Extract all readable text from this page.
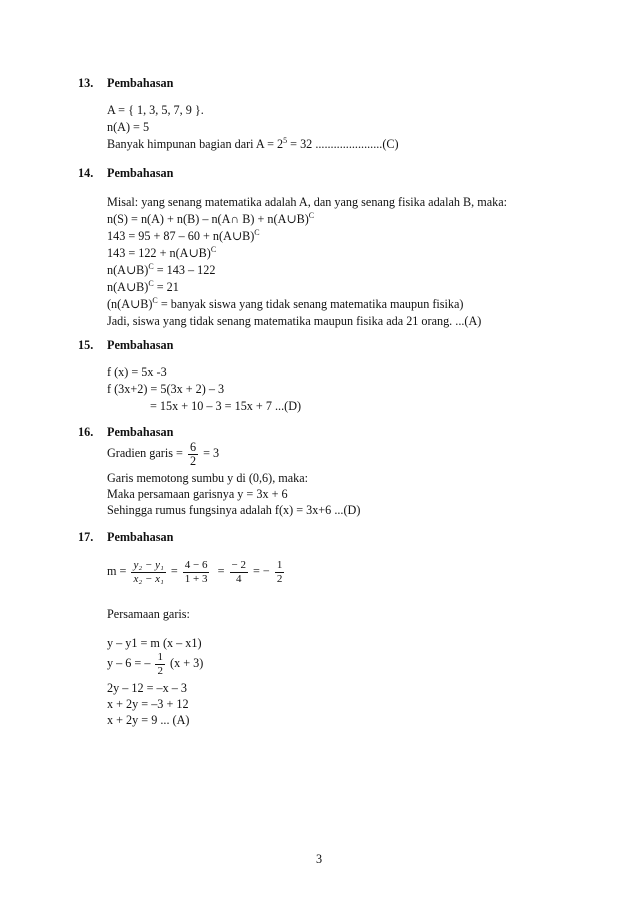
13. Pembahasan
A = { 1, 3, 5, 7, 9 }.
n(A) = 5
Banyak himpunan bagian dari $A = 2^5 = 32$ ......................(C)
14. Pembahasan
Misal: yang senang matematika adalah A, dan yang senang fisika adalah B, maka:
n(S) = n(A) + n(B) – n(A∩ B) + n(A∪B)$^C$
143 = 95 + 87 – 60 + n(A∪B)$^C$
143 = 122 + n(A∪B)$^C$
n(A∪B)$^C$ = 143 – 122
n(A∪B)$^C$ = 21
(n(A∪B)$^C$ = banyak siswa yang tidak senang matematika maupun fisika)
Jadi, siswa yang tidak senang matematika maupun fisika ada 21 orang. ...(A)
15. Pembahasan
f (x) = 5x -3
f (3x+2) = 5(3x + 2) – 3
= 15x + 10 – 3 = 15x + 7 ...(D)
16. Pembahasan
Gradien garis = $\frac{6}{2} = 3$
Garis memotong sumbu y di (0,6), maka:
Maka persamaan garisnya y = 3x + 6
Sehingga rumus fungsinya adalah f(x) = 3x+6 ...(D)
17. Pembahasan
$m = \frac{\text{y₂ − y₁}}{\text{x₂ − x₁}} = \frac{4 - 6}{1 + 3} = \frac{- 2}{4}$ = − $\frac{1}{2}$
Persamaan garis:
y – y1 = m (x – x1)
y – 6 = – $\frac{1}{2} (x + 3)$
2y – 12 = –x – 3
x + 2y = –3 + 12
x + 2y = 9 ... (A)
3
